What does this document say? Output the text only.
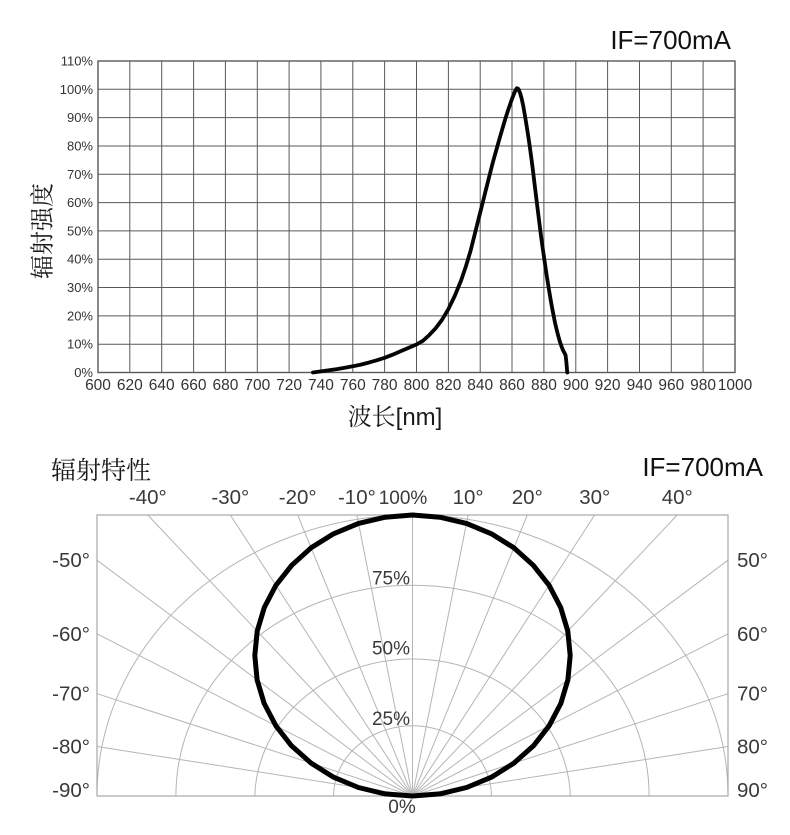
0%
10%
20%
30%
40%
50%
60%
70%
80%
90%
100%
110%
600 620 640 660 680 700 720 740 760 780 800 820 840 860 880 900 920 940 960 980 1000
-40° -30° -20° -10°	10° 20° 30°	40°
-50°
-60°
-70°
-80°
-90°
50°
60°
70°
80°
90°
100%
75%
50%
25%
0%
IF=700mA
辐射强度
波长[nm]
辐射特性	IF=700mA
